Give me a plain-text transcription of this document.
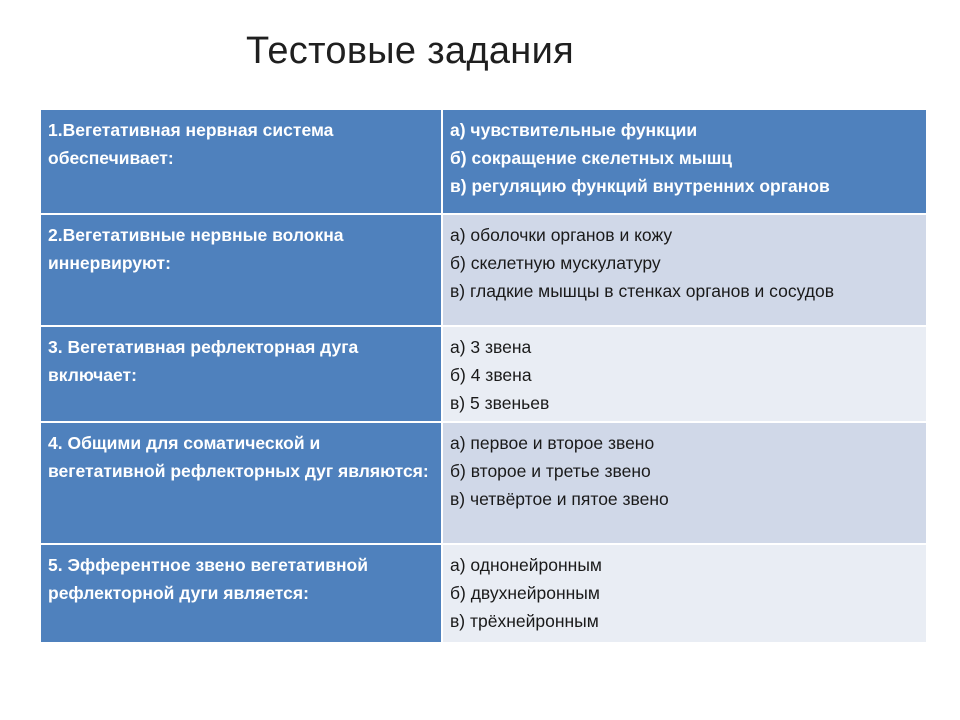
Тестовые задания
1.Вегетативная нервная система обеспечивает:	а) чувствительные функции
б) сокращение скелетных мышц
в) регуляцию функций внутренних органов

2.Вегетативные нервные волокна иннервируют:	а) оболочки органов и кожу
б) скелетную мускулатуру
в) гладкие мышцы в стенках органов и сосудов

3. Вегетативная рефлекторная дуга включает:	а) 3 звена
б) 4 звена
в) 5 звеньев

4. Общими для соматической и вегетативной рефлекторных дуг являются:	а) первое и второе звено
б) второе и третье звено
в) четвёртое и пятое звено

5. Эфферентное звено вегетативной рефлекторной дуги является:	а) однонейронным
б) двухнейронным
в) трёхнейронным
